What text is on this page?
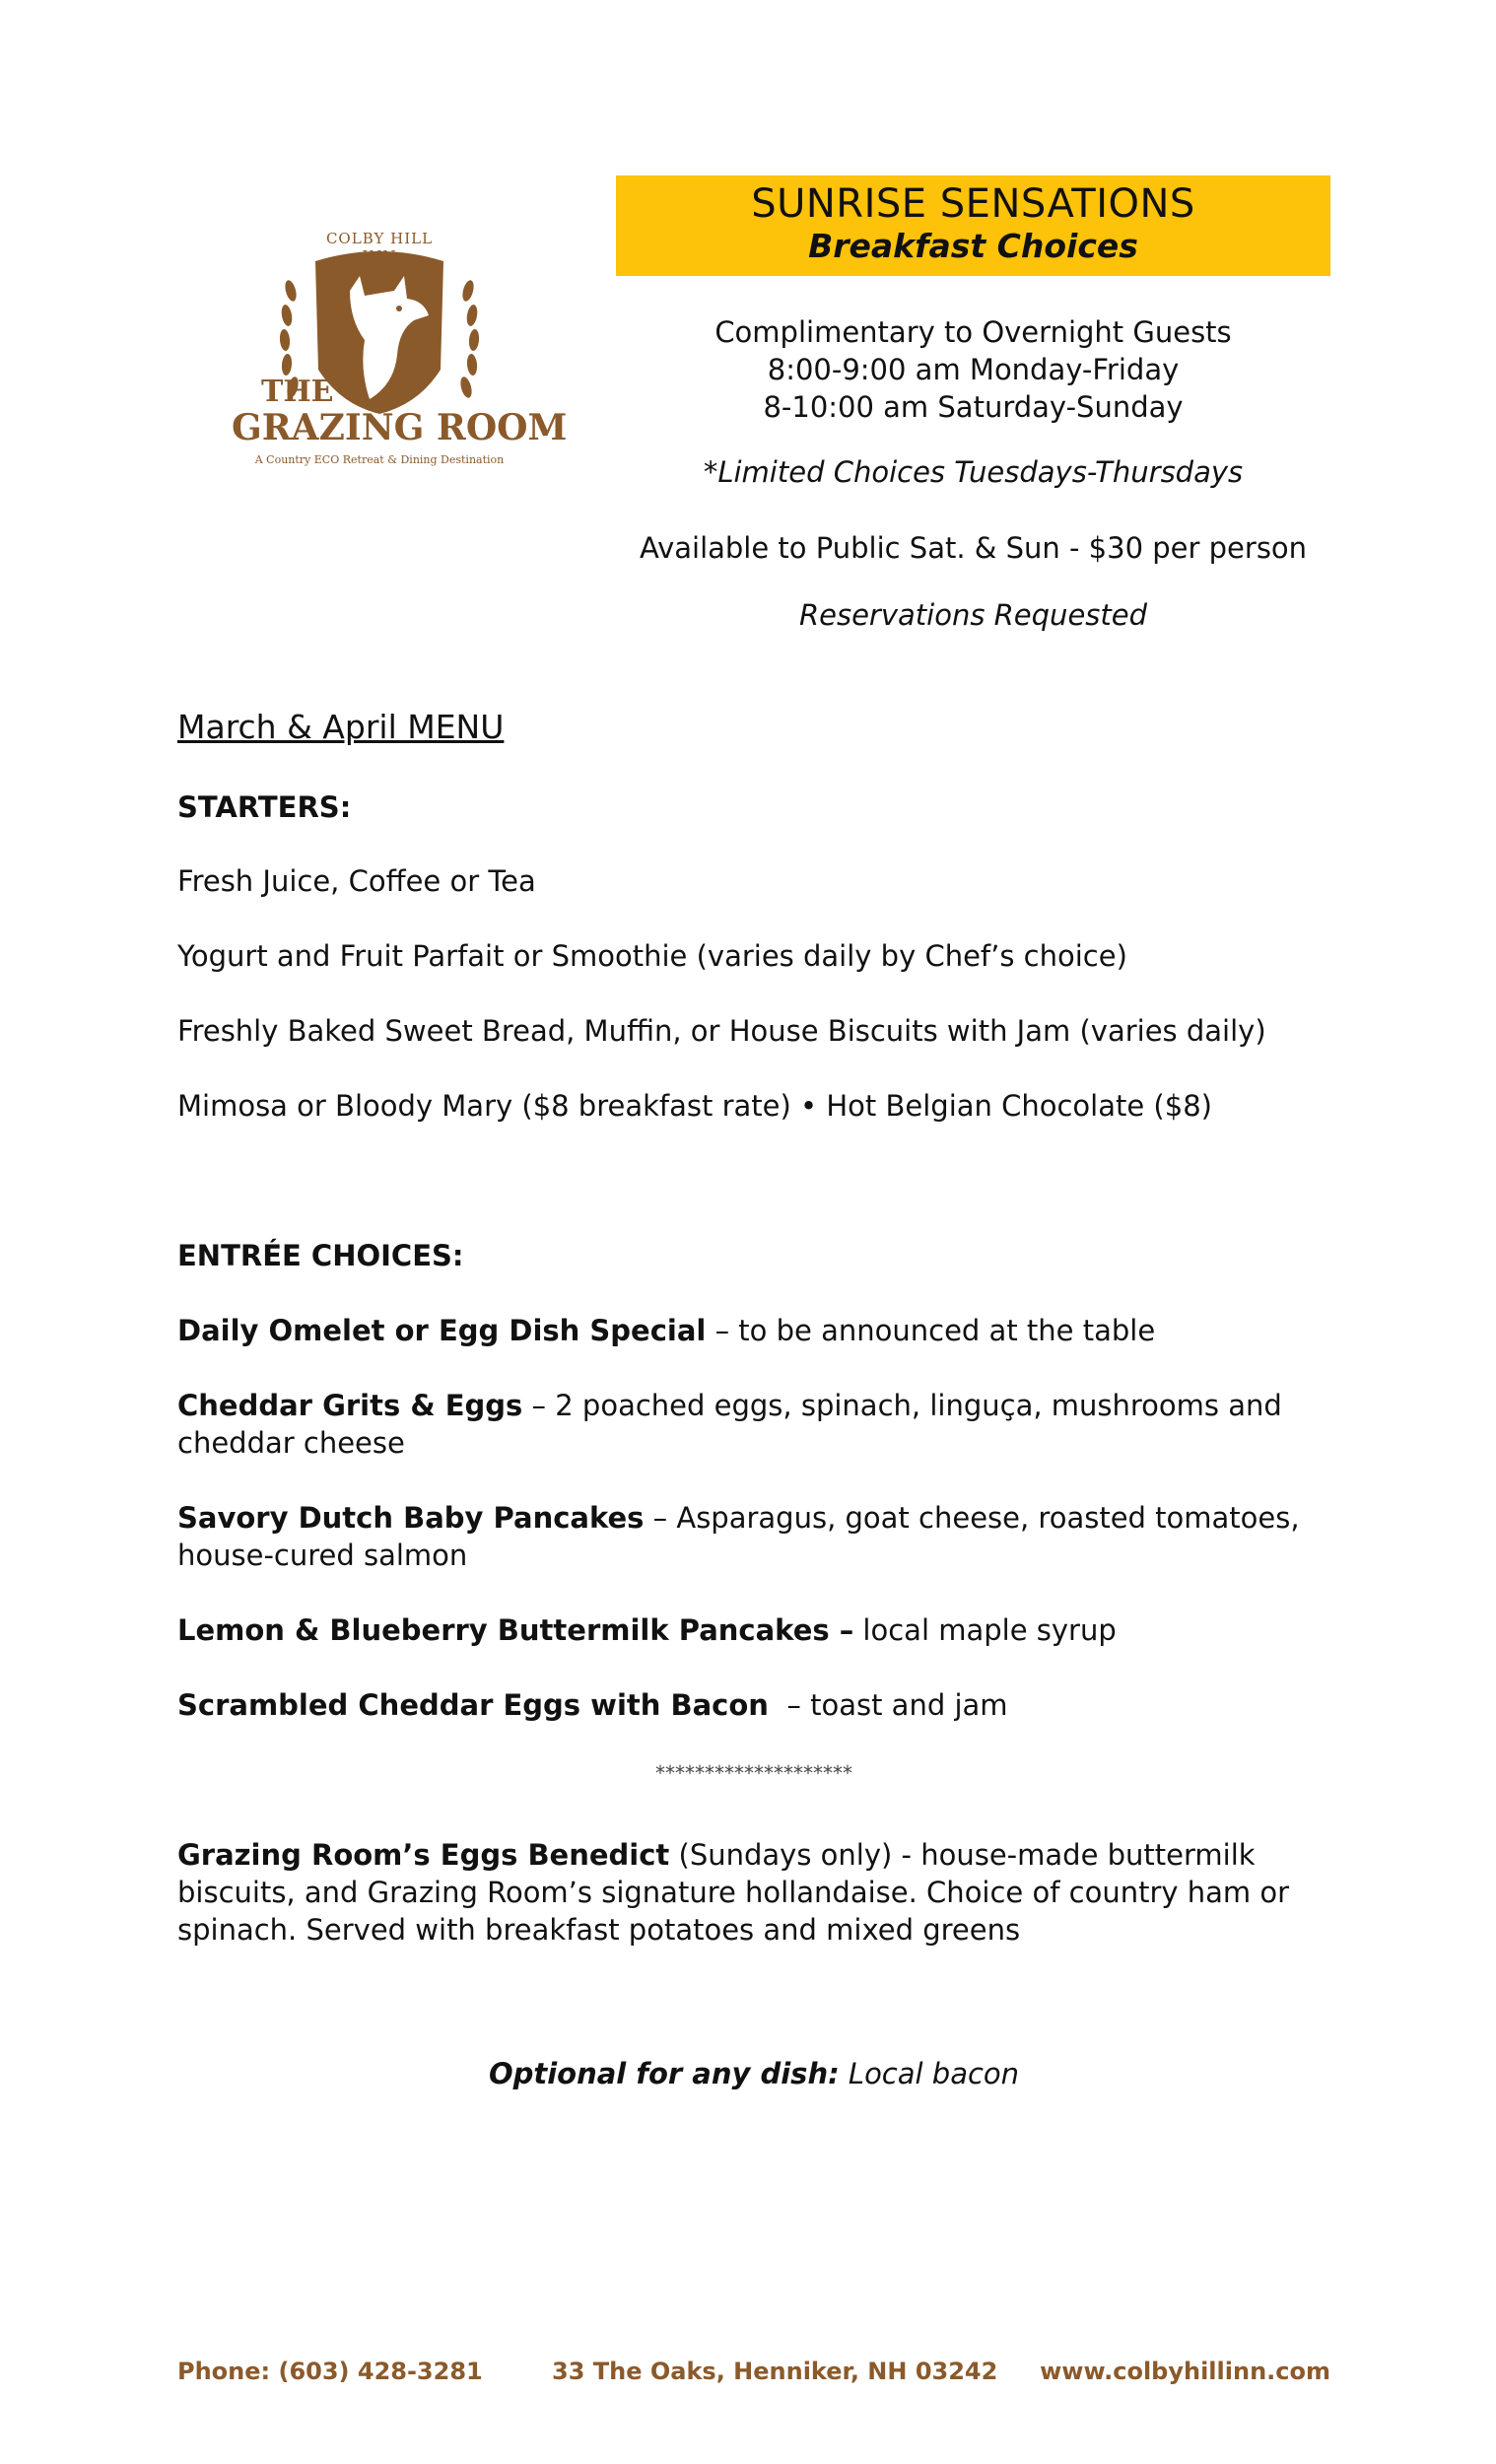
COLBY HILL INN
THE
GRAZING ROOM
A Country ECO Retreat & Dining Destination
SUNRISE SENSATIONS
Breakfast Choices
Complimentary to Overnight Guests
8:00-9:00 am Monday-Friday
8-10:00 am Saturday-Sunday
*Limited Choices Tuesdays-Thursdays
Available to Public Sat. & Sun - $30 per person
Reservations Requested
March & April MENU
STARTERS:
Fresh Juice, Coffee or Tea
Yogurt and Fruit Parfait or Smoothie (varies daily by Chef’s choice)
Freshly Baked Sweet Bread, Muffin, or House Biscuits with Jam (varies daily)
Mimosa or Bloody Mary ($8 breakfast rate) • Hot Belgian Chocolate ($8)
ENTRÉE CHOICES:
Daily Omelet or Egg Dish Special – to be announced at the table
Cheddar Grits & Eggs – 2 poached eggs, spinach, linguça, mushrooms and cheddar cheese
Savory Dutch Baby Pancakes – Asparagus, goat cheese, roasted tomatoes, house-cured salmon
Lemon & Blueberry Buttermilk Pancakes – local maple syrup
Scrambled Cheddar Eggs with Bacon  – toast and jam
********************
Grazing Room’s Eggs Benedict (Sundays only) - house-made buttermilk biscuits, and Grazing Room’s signature hollandaise. Choice of country ham or spinach. Served with breakfast potatoes and mixed greens
Optional for any dish: Local bacon
Phone: (603) 428-3281	33 The Oaks, Henniker, NH 03242 www.colbyhillinn.com
